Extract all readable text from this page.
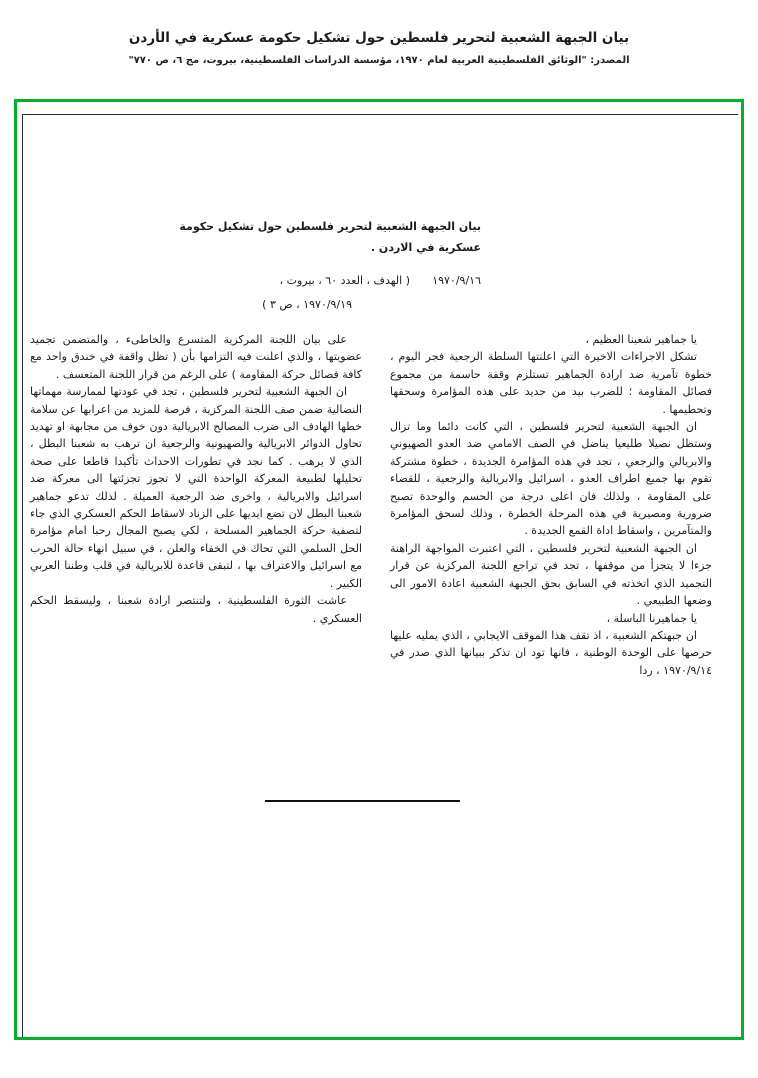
بيان الجبهة الشعبية لتحرير فلسطين حول تشكيل حكومة عسكرية في الأردن
المصدر: "الوثائق الفلسطينية العربية لعام ١٩٧٠، مؤسسة الدراسات الفلسطينية، بيروت، مج ٦، ص ٧٧٠"
بيان الجبهة الشعبية لتحرير فلسطين حول تشكيل حكومة
عسكرية في الاردن .
١٩٧٠/٩/١٦
( الهدف ، العدد ٦٠ ، بيروت ،
١٩٧٠/٩/١٩ ، ص ٣ )

يا جماهير شعبنا العظيم ،

تشكل الاجراءات الاخيرة التي اعلنتها السلطة الرجعية فجر اليوم ، خطوة تآمرية ضد ارادة الجماهير تستلزم وقفة حاسمة من مجموع فصائل المقاومة ؛ للضرب بيد من حديد على هذه المؤامرة وسحقها وتحطيمها .

ان الجبهة الشعبية لتحرير فلسطين ، التي كانت دائما وما تزال وستظل نصيلا طليعيا يناضل في الصف الامامي ضد العدو الصهيوني والابريالي والرجعي ، تجد في هذه المؤامرة الجديدة ، خطوة مشتركة تقوم بها جميع اطراف العدو ، اسرائيل والابريالية والرجعية ، للقضاء على المقاومة ، ولذلك فان اعلى درجة من الحسم والوحدة تصبح ضرورية ومصيرية في هذه المرحلة الخطرة ، وذلك لسحق المؤامرة والمتآمرين ، واسقاط اداة القمع الجديدة .

ان الجبهة الشعبية لتحرير فلسطين ، التي اعتبرت المواجهة الراهنة جزءا لا يتجزأ من موقفها ، تجد في تراجع اللجنة المركزية عن قرار التجميد الذي اتخذته في السابق بحق الجبهة الشعبية اعادة الامور الى وضعها الطبيعي .

يا جماهيرنا الباسلة ،

ان جبهتكم الشعبية ، اذ تقف هذا الموقف الايجابي ، الذي يمليه عليها حرصها على الوحدة الوطنية ، فانها تود ان تذكر ببيانها الذي صدر في ١٩٧٠/٩/١٤ ، ردا

على بيان اللجنة المركزية المتسرع والخاطىء ، والمتضمن تجميد عضويتها ، والذي اعلنت فيه التزامها بأن ( تظل واقفة في خندق واحد مع كافة فصائل حركة المقاومة ) على الرغم من قرار اللجنة المتعسف .

ان الجبهة الشعبية لتحرير فلسطين ، تجد في عودتها لممارسة مهماتها النضالية ضمن صف اللجنة المركزية ، فرصة للمزيد من اعرابها عن سلامة خطها الهادف الى ضرب المصالح الابريالية دون خوف من مجابهة او تهديد تحاول الدوائر الابريالية والصهيونية والرجعية ان ترهب به شعبنا البطل ، الذي لا يرهب . كما نجد في تطورات الاحداث تأكيدا قاطعا على صحة تحليلها لطبيعة المعركة الواحدة التي لا تجوز تجزئتها الى معركة ضد اسرائيل والابريالية ، واخرى ضد الرجعية العميلة . لذلك تدعو جماهير شعبنا البطل لان تضع ايديها على الزناد لاسقاط الحكم العسكري الذي جاء لتصفية حركة الجماهير المسلحة ، لكي يصبح المجال رحبا امام مؤامرة الحل السلمي التي تحاك في الخفاء والعلن ، في سبيل انهاء حالة الحرب مع اسرائيل والاعتراف بها ، لتبقى قاعدة للابريالية في قلب وطننا العربي الكبير .

عاشت الثورة الفلسطينية ، ولتنتصر ارادة شعبنا ، وليسقط الحكم العسكري .
